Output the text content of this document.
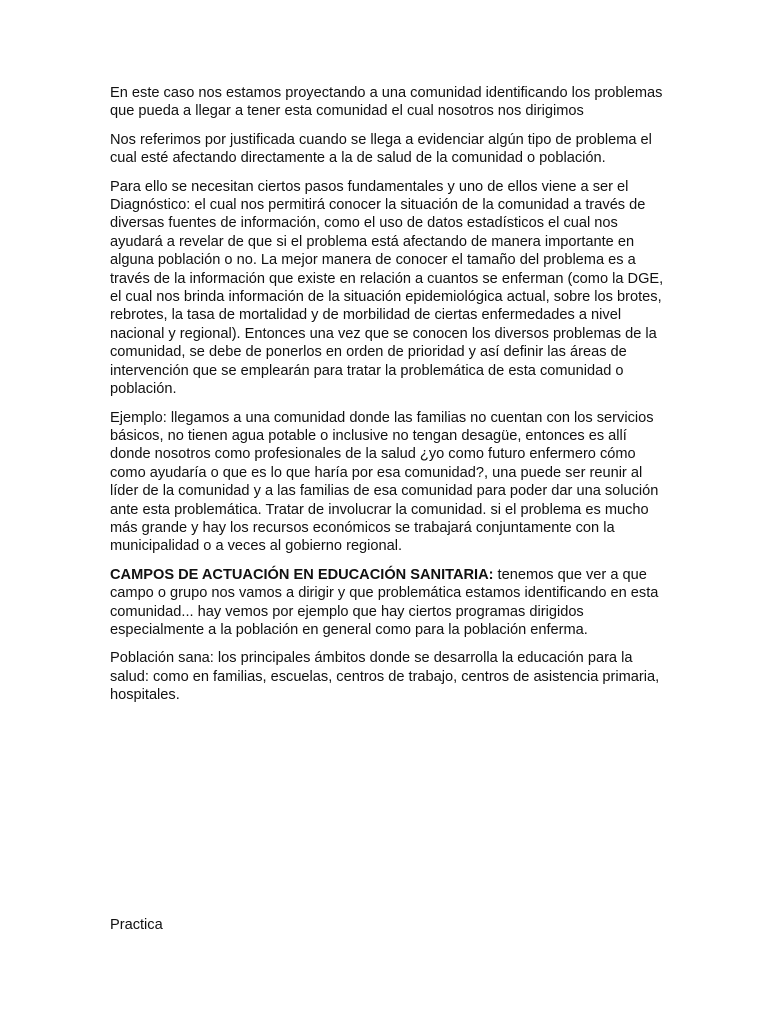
En este caso nos estamos proyectando a una comunidad identificando los problemas que pueda a llegar a tener esta comunidad el cual nosotros nos dirigimos

Nos referimos por justificada cuando se llega a evidenciar algún tipo de problema el cual esté afectando directamente a la de salud de la comunidad o población.

Para ello se necesitan ciertos pasos fundamentales y uno de ellos viene a ser el Diagnóstico: el cual nos permitirá conocer la situación de la comunidad a través de diversas fuentes de información, como el uso de datos estadísticos el cual nos ayudará a revelar de que si el problema está afectando de manera importante en alguna población o no. La mejor manera de conocer el tamaño del problema es a través de la información que existe en relación a cuantos se enferman (como la DGE, el cual nos brinda información de la situación epidemiológica actual, sobre los brotes, rebrotes, la tasa de mortalidad y de morbilidad de ciertas enfermedades a nivel nacional y regional). Entonces una vez que se conocen los diversos problemas de la comunidad, se debe de ponerlos en orden de prioridad y así definir las áreas de intervención que se emplearán para tratar la problemática de esta comunidad o población.

Ejemplo: llegamos a una comunidad donde las familias no cuentan con los servicios básicos, no tienen agua potable o inclusive no tengan desagüe, entonces es allí donde nosotros como profesionales de la salud ¿yo como futuro enfermero cómo como ayudaría o que es lo que haría por esa comunidad?, una puede ser reunir al líder de la comunidad y a las familias de esa comunidad para poder dar una solución ante esta problemática. Tratar de involucrar la comunidad. si el problema es mucho más grande y hay los recursos económicos se trabajará conjuntamente con la municipalidad o a veces al gobierno regional.

CAMPOS DE ACTUACIÓN EN EDUCACIÓN SANITARIA: tenemos que ver a que campo o grupo nos vamos a dirigir y que problemática estamos identificando en esta comunidad... hay vemos por ejemplo que hay ciertos programas dirigidos especialmente a la población en general como para la población enferma.

Población sana: los principales ámbitos donde se desarrolla la educación para la salud: como en familias, escuelas, centros de trabajo, centros de asistencia primaria, hospitales.

Practica
